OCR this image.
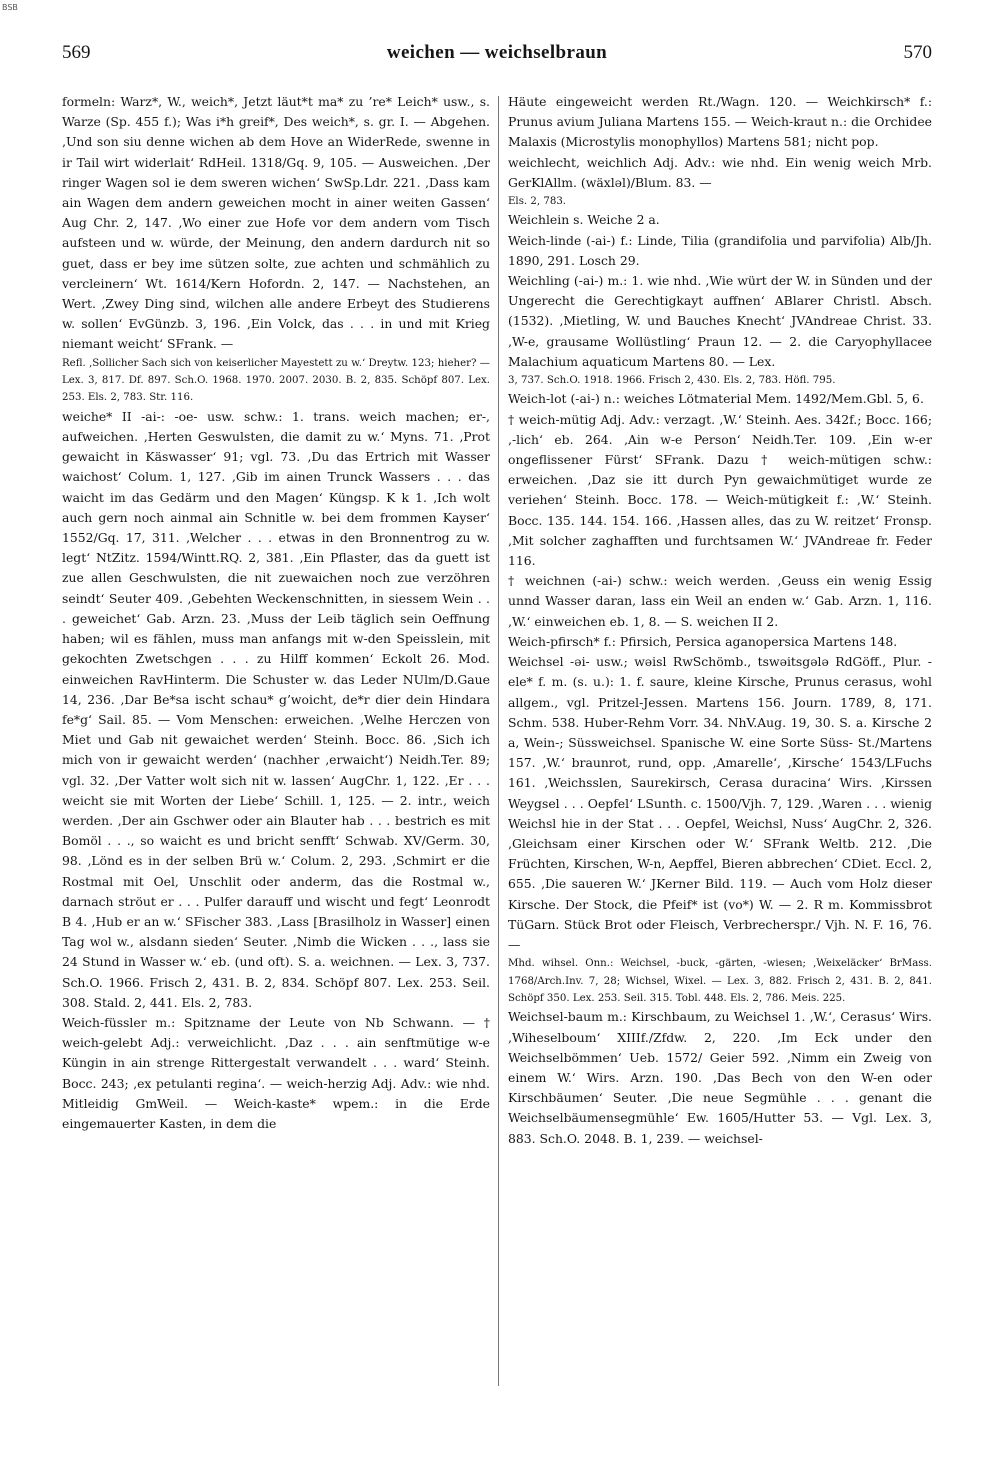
BSB
569	weichen — weichselbraun	570

formeln: Warz*, W., weich*, Jetzt läut*t ma* zu ’re* Leich* usw., s. Warze (Sp. 455 f.); Was i*h greif*, Des weich*, s. gr. I. — Abgehen. ‚Und son siu denne wichen ab dem Hove an WiderRede, swenne in ir Tail wirt widerlait‘ RdHeil. 1318/Gq. 9, 105. — Ausweichen. ‚Der ringer Wagen sol ie dem sweren wichen‘ SwSp.Ldr. 221. ‚Dass kam ain Wagen dem andern geweichen mocht in ainer weiten Gassen‘ Aug Chr. 2, 147. ‚Wo einer zue Hofe vor dem andern vom Tisch aufsteen und w. würde, der Meinung, den andern dardurch nit so guet, dass er bey ime sützen solte, zue achten und schmählich zu vercleinern‘ Wt. 1614/Kern Hofordn. 2, 147. — Nachstehen, an Wert. ‚Zwey Ding sind, wilchen alle andere Erbeyt des Studierens w. sollen‘ EvGünzb. 3, 196. ‚Ein Volck, das . . . in und mit Krieg niemant weicht‘ SFrank. —

Refl. ‚Sollicher Sach sich von keiserlicher Mayestett zu w.‘ Dreytw. 123; hieher? — Lex. 3, 817. Df. 897. Sch.O. 1968. 1970. 2007. 2030. B. 2, 835. Schöpf 807. Lex. 253. Els. 2, 783. Str. 116.

weiche* II -ai-: -oe- usw. schw.: 1. trans. weich machen; er-, aufweichen. ‚Herten Geswulsten, die damit zu w.‘ Myns. 71. ‚Prot gewaicht in Käswasser‘ 91; vgl. 73. ‚Du das Ertrich mit Wasser waichost‘ Colum. 1, 127. ‚Gib im ainen Trunck Wassers . . . das waicht im das Gedärm und den Magen‘ Küngsp. K k 1. ‚Ich wolt auch gern noch ainmal ain Schnitle w. bei dem frommen Kayser‘ 1552/Gq. 17, 311. ‚Welcher . . . etwas in den Bronnentrog zu w. legt‘ NtZitz. 1594/Wintt.RQ. 2, 381. ‚Ein Pflaster, das da guett ist zue allen Geschwulsten, die nit zuewaichen noch zue verzöhren seindt‘ Seuter 409. ‚Gebehten Weckenschnitten, in siessem Wein . . . geweichet‘ Gab. Arzn. 23. ‚Muss der Leib täglich sein Oeffnung haben; wil es fählen, muss man anfangs mit w-den Speisslein, mit gekochten Zwetschgen . . . zu Hilff kommen‘ Eckolt 26. Mod. einweichen RavHinterm. Die Schuster w. das Leder NUlm/D.Gaue 14, 236. ‚Dar Be*sa ischt schau* g’woicht, de*r dier dein Hindara fe*g‘ Sail. 85. — Vom Menschen: erweichen. ‚Welhe Herczen von Miet und Gab nit gewaichet werden‘ Steinh. Bocc. 86. ‚Sich ich mich von ir gewaicht werden‘ (nachher ‚erwaicht‘) Neidh.Ter. 89; vgl. 32. ‚Der Vatter wolt sich nit w. lassen‘ AugChr. 1, 122. ‚Er . . . weicht sie mit Worten der Liebe‘ Schill. 1, 125. — 2. intr., weich werden. ‚Der ain Gschwer oder ain Blauter hab . . . bestrich es mit Bomöl . . ., so waicht es und bricht senfft‘ Schwab. XV/Germ. 30, 98. ‚Lönd es in der selben Brü w.‘ Colum. 2, 293. ‚Schmirt er die Rostmal mit Oel, Unschlit oder anderm, das die Rostmal w., darnach ströut er . . . Pulfer darauff und wischt und fegt‘ Leonrodt B 4. ‚Hub er an w.‘ SFischer 383. ‚Lass [Brasilholz in Wasser] einen Tag wol w., alsdann sieden‘ Seuter. ‚Nimb die Wicken . . ., lass sie 24 Stund in Wasser w.‘ eb. (und oft). S. a. weichnen. — Lex. 3, 737. Sch.O. 1966. Frisch 2, 431. B. 2, 834. Schöpf 807. Lex. 253. Seil. 308. Stald. 2, 441. Els. 2, 783.

Weich-füssler m.: Spitzname der Leute von Nb Schwann. — † weich-gelebt Adj.: verweichlicht. ‚Daz . . . ain senftmütige w-e Küngin in ain strenge Rittergestalt verwandelt . . . ward‘ Steinh. Bocc. 243; ‚ex petulanti regina‘. — weich-herzig Adj. Adv.: wie nhd. Mitleidig GmWeil. — Weich-kaste* wpem.: in die Erde eingemauerter Kasten, in dem die

Häute eingeweicht werden Rt./Wagn. 120. — Weichkirsch* f.: Prunus avium Juliana Martens 155. — Weich-kraut n.: die Orchidee Malaxis (Microstylis monophyllos) Martens 581; nicht pop.

weichlecht, weichlich Adj. Adv.: wie nhd. Ein wenig weich Mrb. GerKlAllm. (wäxləl)/Blum. 83. —

Els. 2, 783.

Weichlein s. Weiche 2 a.

Weich-linde (-ai-) f.: Linde, Tilia (grandifolia und parvifolia) Alb/Jh. 1890, 291. Losch 29.

Weichling (-ai-) m.: 1. wie nhd. ‚Wie würt der W. in Sünden und der Ungerecht die Gerechtigkayt auffnen‘ ABlarer Christl. Absch. (1532). ‚Mietling, W. und Bauches Knecht‘ JVAndreae Christ. 33. ‚W-e, grausame Wollüstling‘ Praun 12. — 2. die Caryophyllacee Malachium aquaticum Martens 80. — Lex.

3, 737. Sch.O. 1918. 1966. Frisch 2, 430. Els. 2, 783. Höfl. 795.

Weich-lot (-ai-) n.: weiches Lötmaterial Mem. 1492/Mem.Gbl. 5, 6.

† weich-mütig Adj. Adv.: verzagt. ‚W.‘ Steinh. Aes. 342f.; Bocc. 166; ‚-lich‘ eb. 264. ‚Ain w-e Person‘ Neidh.Ter. 109. ‚Ein w-er ongeflissener Fürst‘ SFrank. Dazu † weich-mütigen schw.: erweichen. ‚Daz sie itt durch Pyn gewaichmütiget wurde ze veriehen‘ Steinh. Bocc. 178. — Weich-mütigkeit f.: ‚W.‘ Steinh. Bocc. 135. 144. 154. 166. ‚Hassen alles, das zu W. reitzet‘ Fronsp. ‚Mit solcher zaghafften und furchtsamen W.‘ JVAndreae fr. Feder 116.

† weichnen (-ai-) schw.: weich werden. ‚Geuss ein wenig Essig unnd Wasser daran, lass ein Weil an enden w.‘ Gab. Arzn. 1, 116. ‚W.‘ einweichen eb. 1, 8. — S. weichen II 2.

Weich-pfirsch* f.: Pfirsich, Persica aganopersica Martens 148.

Weichsel -əi- usw.; wəisl RwSchömb., tswəitsgələ RdGöff., Plur. -ele* f. m. (s. u.): 1. f. saure, kleine Kirsche, Prunus cerasus, wohl allgem., vgl. Pritzel-Jessen. Martens 156. Journ. 1789, 8, 171. Schm. 538. Huber-Rehm Vorr. 34. NhV.Aug. 19, 30. S. a. Kirsche 2 a, Wein-; Süssweichsel. Spanische W. eine Sorte Süss- St./Martens 157. ‚W.‘ braunrot, rund, opp. ‚Amarelle‘, ‚Kirsche‘ 1543/LFuchs 161. ‚Weichsslen, Saurekirsch, Cerasa duracina‘ Wirs. ‚Kirssen Weygsel . . . Oepfel‘ LSunth. c. 1500/Vjh. 7, 129. ‚Waren . . . wienig Weichsl hie in der Stat . . . Oepfel, Weichsl, Nuss‘ AugChr. 2, 326. ‚Gleichsam einer Kirschen oder W.‘ SFrank Weltb. 212. ‚Die Früchten, Kirschen, W-n, Aepffel, Bieren abbrechen‘ CDiet. Eccl. 2, 655. ‚Die saueren W.‘ JKerner Bild. 119. — Auch vom Holz dieser Kirsche. Der Stock, die Pfeif* ist (vo*) W. — 2. R m. Kommissbrot TüGarn. Stück Brot oder Fleisch, Verbrecherspr./ Vjh. N. F. 16, 76. —

Mhd. wihsel. Onn.: Weichsel, -buck, -gärten, -wiesen; ‚Weixeläcker‘ BrMass. 1768/Arch.Inv. 7, 28; Wichsel, Wixel. — Lex. 3, 882. Frisch 2, 431. B. 2, 841. Schöpf 350. Lex. 253. Seil. 315. Tobl. 448. Els. 2, 786. Meis. 225.

Weichsel-baum m.: Kirschbaum, zu Weichsel 1. ‚W.‘, Cerasus‘ Wirs. ‚Wiheselboum‘ XIIIf./Zfdw. 2, 220. ‚Im Eck under den Weichselbömmen‘ Ueb. 1572/ Geier 592. ‚Nimm ein Zweig von einem W.‘ Wirs. Arzn. 190. ‚Das Bech von den W-en oder Kirschbäumen‘ Seuter. ‚Die neue Segmühle . . . genant die Weichselbäumensegmühle‘ Ew. 1605/Hutter 53. — Vgl. Lex. 3, 883. Sch.O. 2048. B. 1, 239. — weichsel-
